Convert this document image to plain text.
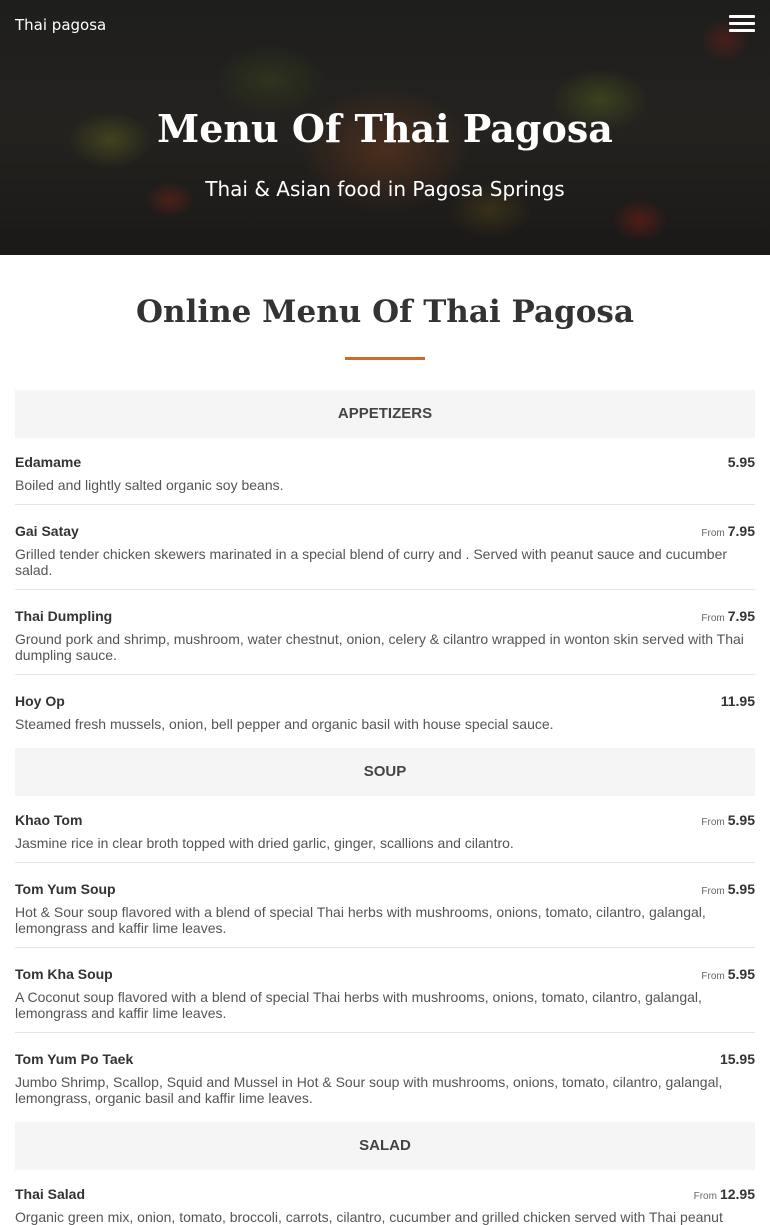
Thai pagosa
Menu Of Thai Pagosa

Thai & Asian food in Pagosa Springs

Online Menu Of Thai Pagosa
APPETIZERS
Edamame	5.95
Boiled and lightly salted organic soy beans.
Gai Satay	From 7.95
Grilled tender chicken skewers marinated in a special blend of curry and . Served with peanut sauce and cucumber salad.
Thai Dumpling	From 7.95
Ground pork and shrimp, mushroom, water chestnut, onion, celery & cilantro wrapped in wonton skin served with Thai dumpling sauce.
Hoy Op	11.95
Steamed fresh mussels, onion, bell pepper and organic basil with house special sauce.
SOUP
Khao Tom	From 5.95
Jasmine rice in clear broth topped with dried garlic, ginger, scallions and cilantro.
Tom Yum Soup	From 5.95
Hot & Sour soup flavored with a blend of special Thai herbs with mushrooms, onions, tomato, cilantro, galangal, lemongrass and kaffir lime leaves.
Tom Kha Soup	From 5.95
A Coconut soup flavored with a blend of special Thai herbs with mushrooms, onions, tomato, cilantro, galangal, lemongrass and kaffir lime leaves.
Tom Yum Po Taek	15.95
Jumbo Shrimp, Scallop, Squid and Mussel in Hot & Sour soup with mushrooms, onions, tomato, cilantro, galangal, lemongrass, organic basil and kaffir lime leaves.
SALAD
Thai Salad	From 12.95
Organic green mix, onion, tomato, broccoli, carrots, cilantro, cucumber and grilled chicken served with Thai peanut
